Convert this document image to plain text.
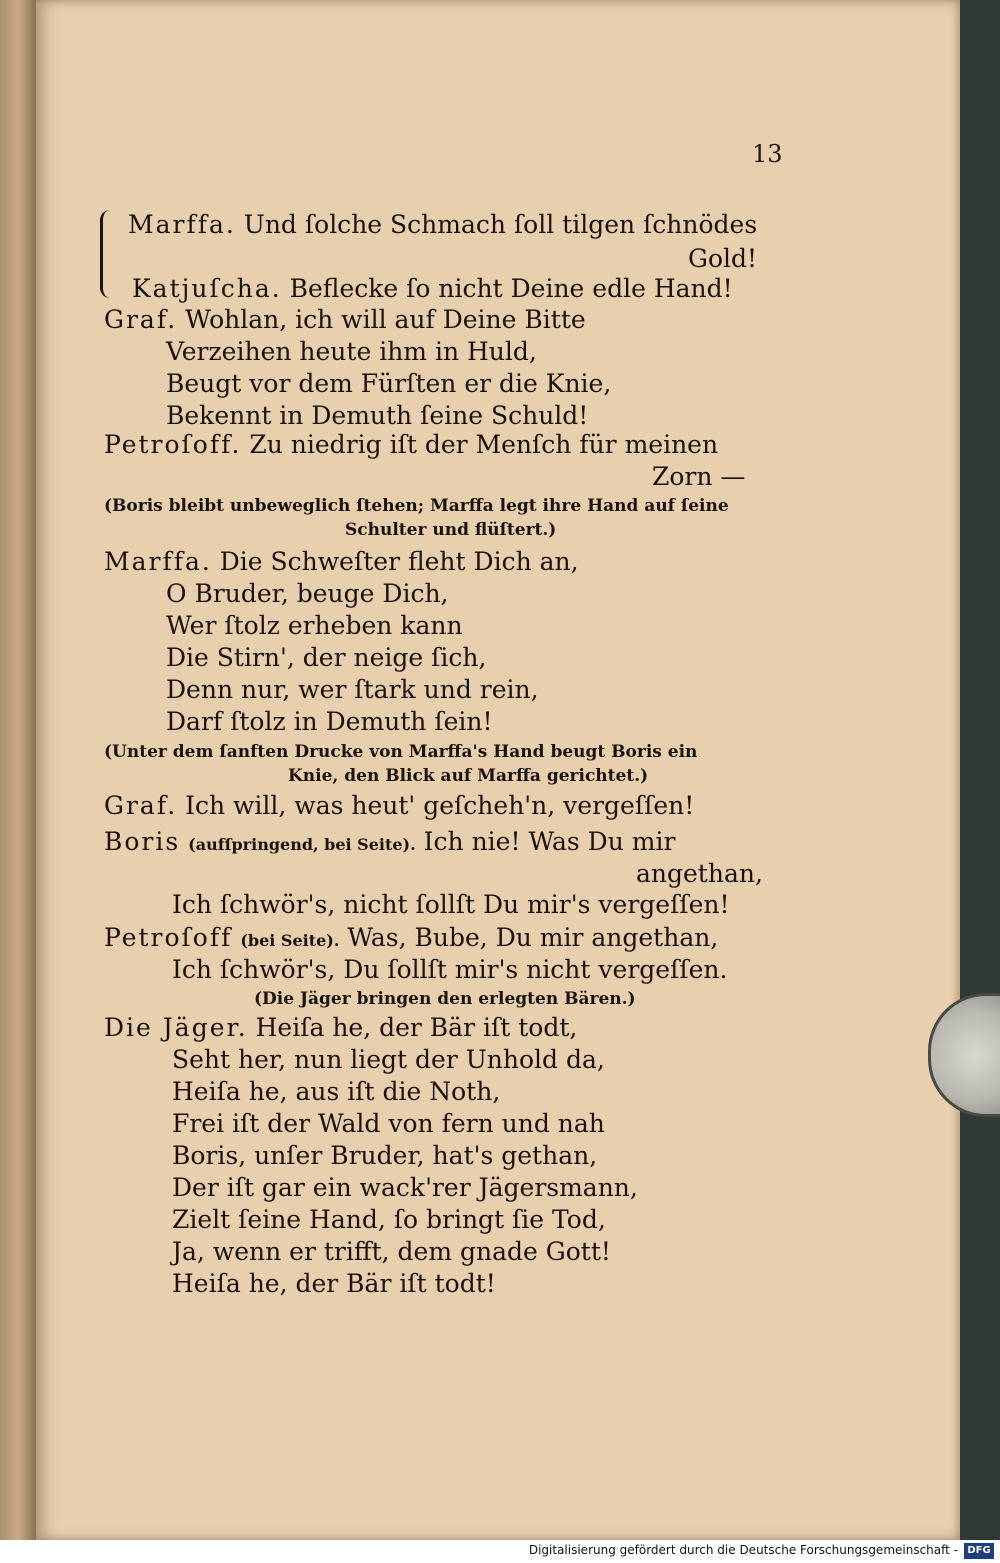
13
Marffa. Und ſolche Schmach ſoll tilgen ſchnödes
Gold!
Katjuſcha. Beflecke ſo nicht Deine edle Hand!
Graf. Wohlan, ich will auf Deine Bitte
Verzeihen heute ihm in Huld,
Beugt vor dem Fürſten er die Knie,
Bekennt in Demuth ſeine Schuld!
Petroſoff. Zu niedrig iſt der Menſch für meinen
Zorn —
(Boris bleibt unbeweglich ſtehen; Marffa legt ihre Hand auf ſeine
Schulter und flüſtert.)
Marffa. Die Schweſter fleht Dich an,
O Bruder, beuge Dich,
Wer ſtolz erheben kann
Die Stirn', der neige ſich,
Denn nur, wer ſtark und rein,
Darf ſtolz in Demuth ſein!
(Unter dem ſanften Drucke von Marffa's Hand beugt Boris ein
Knie, den Blick auf Marffa gerichtet.)
Graf. Ich will, was heut' geſcheh'n, vergeſſen!
Boris (aufſpringend, bei Seite). Ich nie! Was Du mir
angethan,
Ich ſchwör's, nicht ſollſt Du mir's vergeſſen!
Petroſoff (bei Seite). Was, Bube, Du mir angethan,
Ich ſchwör's, Du ſollſt mir's nicht vergeſſen.
(Die Jäger bringen den erlegten Bären.)
Die Jäger. Heiſa he, der Bär iſt todt,
Seht her, nun liegt der Unhold da,
Heiſa he, aus iſt die Noth,
Frei iſt der Wald von fern und nah
Boris, unſer Bruder, hat's gethan,
Der iſt gar ein wack'rer Jägersmann,
Zielt ſeine Hand, ſo bringt ſie Tod,
Ja, wenn er trifft, dem gnade Gott!
Heiſa he, der Bär iſt todt!
Digitalisierung gefördert durch die Deutsche Forschungsgemeinschaft - DFG
